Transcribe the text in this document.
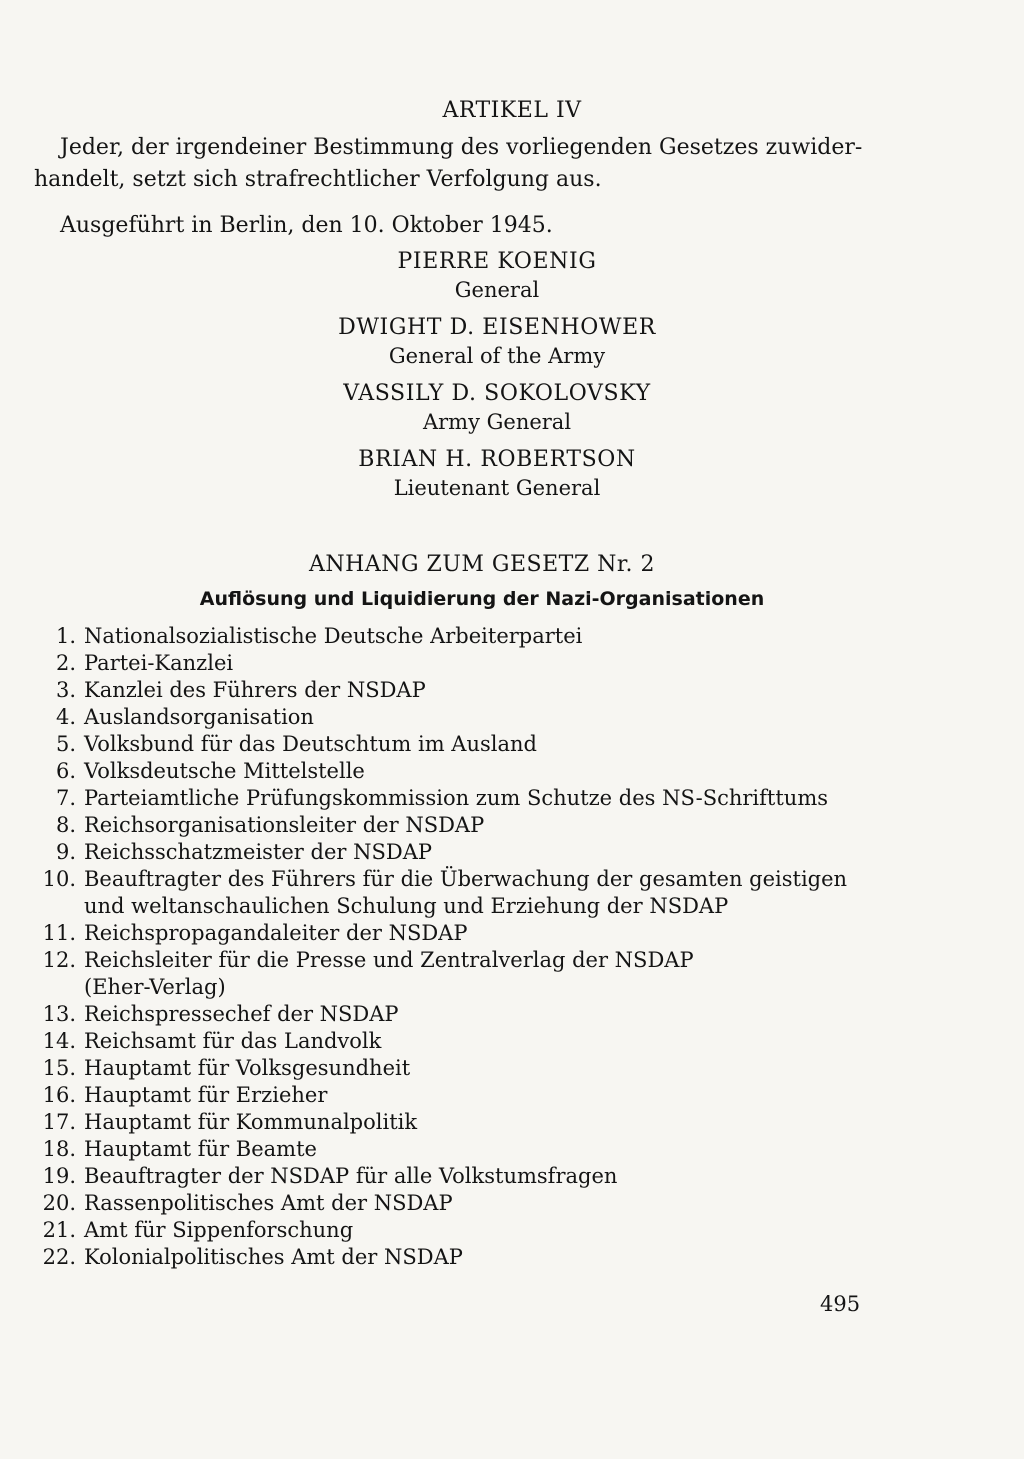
ARTIKEL IV
Jeder, der irgendeiner Bestimmung des vorliegenden Gesetzes zuwider-
handelt, setzt sich strafrechtlicher Verfolgung aus.
Ausgeführt in Berlin, den 10. Oktober 1945.
PIERRE KOENIG
General
DWIGHT D. EISENHOWER
General of the Army
VASSILY D. SOKOLOVSKY
Army General
BRIAN H. ROBERTSON
Lieutenant General
ANHANG ZUM GESETZ Nr. 2
Auflösung und Liquidierung der Nazi-Organisationen
1. Nationalsozialistische Deutsche Arbeiterpartei
2. Partei-Kanzlei
3. Kanzlei des Führers der NSDAP
4. Auslandsorganisation
5. Volksbund für das Deutschtum im Ausland
6. Volksdeutsche Mittelstelle
7. Parteiamtliche Prüfungskommission zum Schutze des NS-Schrifttums
8. Reichsorganisationsleiter der NSDAP
9. Reichsschatzmeister der NSDAP
10. Beauftragter des Führers für die Überwachung der gesamten geistigen
und weltanschaulichen Schulung und Erziehung der NSDAP
11. Reichspropagandaleiter der NSDAP
12. Reichsleiter für die Presse und Zentralverlag der NSDAP
(Eher-Verlag)
13. Reichspressechef der NSDAP
14. Reichsamt für das Landvolk
15. Hauptamt für Volksgesundheit
16. Hauptamt für Erzieher
17. Hauptamt für Kommunalpolitik
18. Hauptamt für Beamte
19. Beauftragter der NSDAP für alle Volkstumsfragen
20. Rassenpolitisches Amt der NSDAP
21. Amt für Sippenforschung
22. Kolonialpolitisches Amt der NSDAP
495
